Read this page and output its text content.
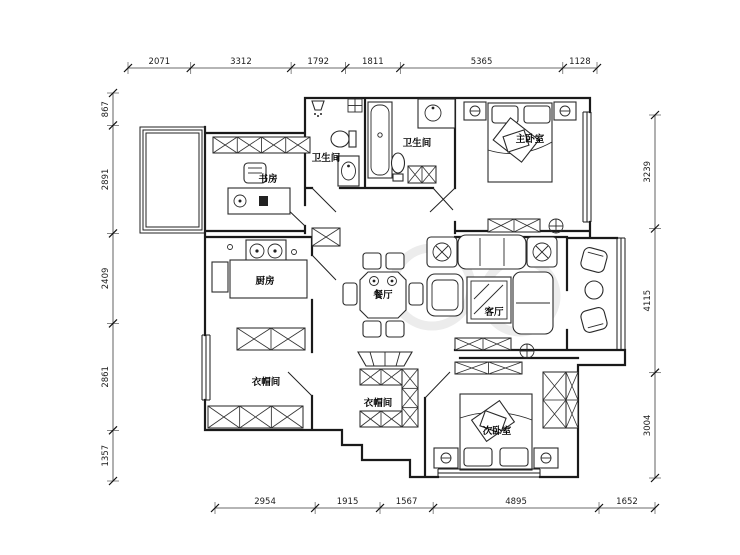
2071	3312	1792	1811	5365	1128
2954	1915	1567	4895	1652
867
2891
2409
2861
1357
3239
4115
3004
书房
卫生间
卫生间	主卧室
厨房
餐厅
客厅
衣帽间
衣帽间
次卧室
